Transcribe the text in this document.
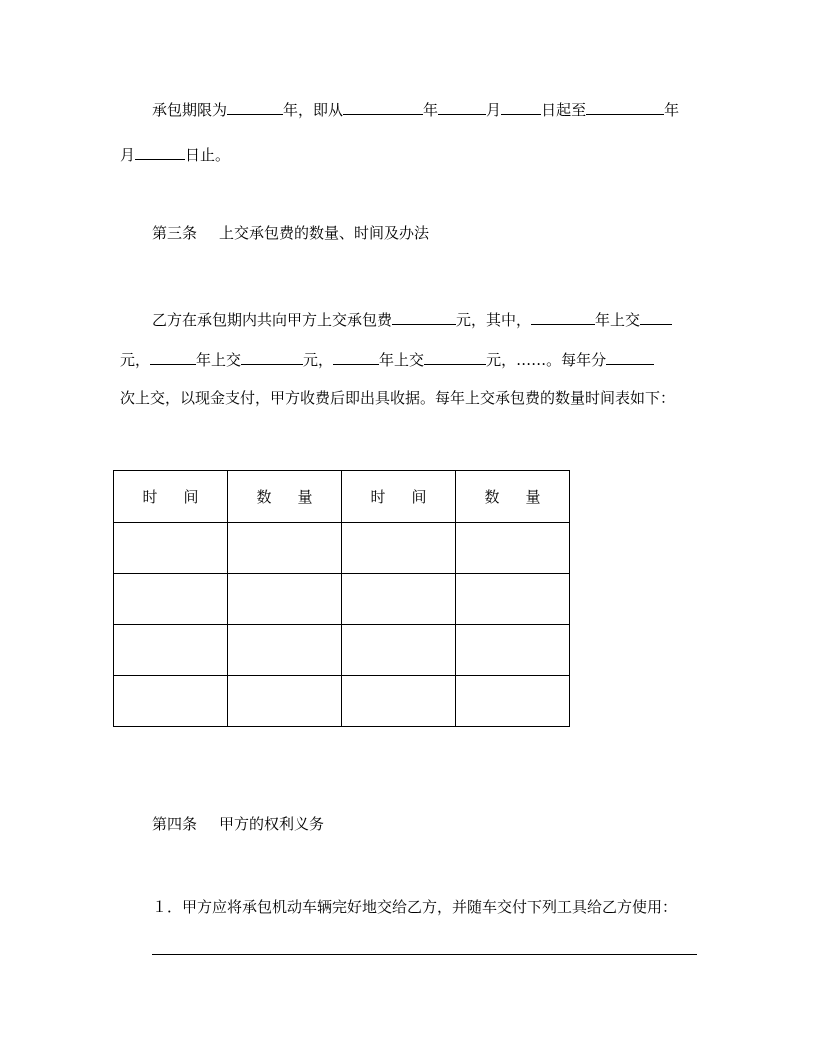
承包期限为	年，即从	年	月	日起至	年
月	日止。
第三条 上交承包费的数量、时间及办法
乙方在承包期内共向甲方上交承包费	元，其中，	年上交
元，	年上交	元，	年上交	元，……。每年分
次上交，以现金支付，甲方收费后即出具收据。每年上交承包费的数量时间表如下：
时间	数量	时间	数量

第四条 甲方的权利义务
１．甲方应将承包机动车辆完好地交给乙方，并随车交付下列工具给乙方使用：
